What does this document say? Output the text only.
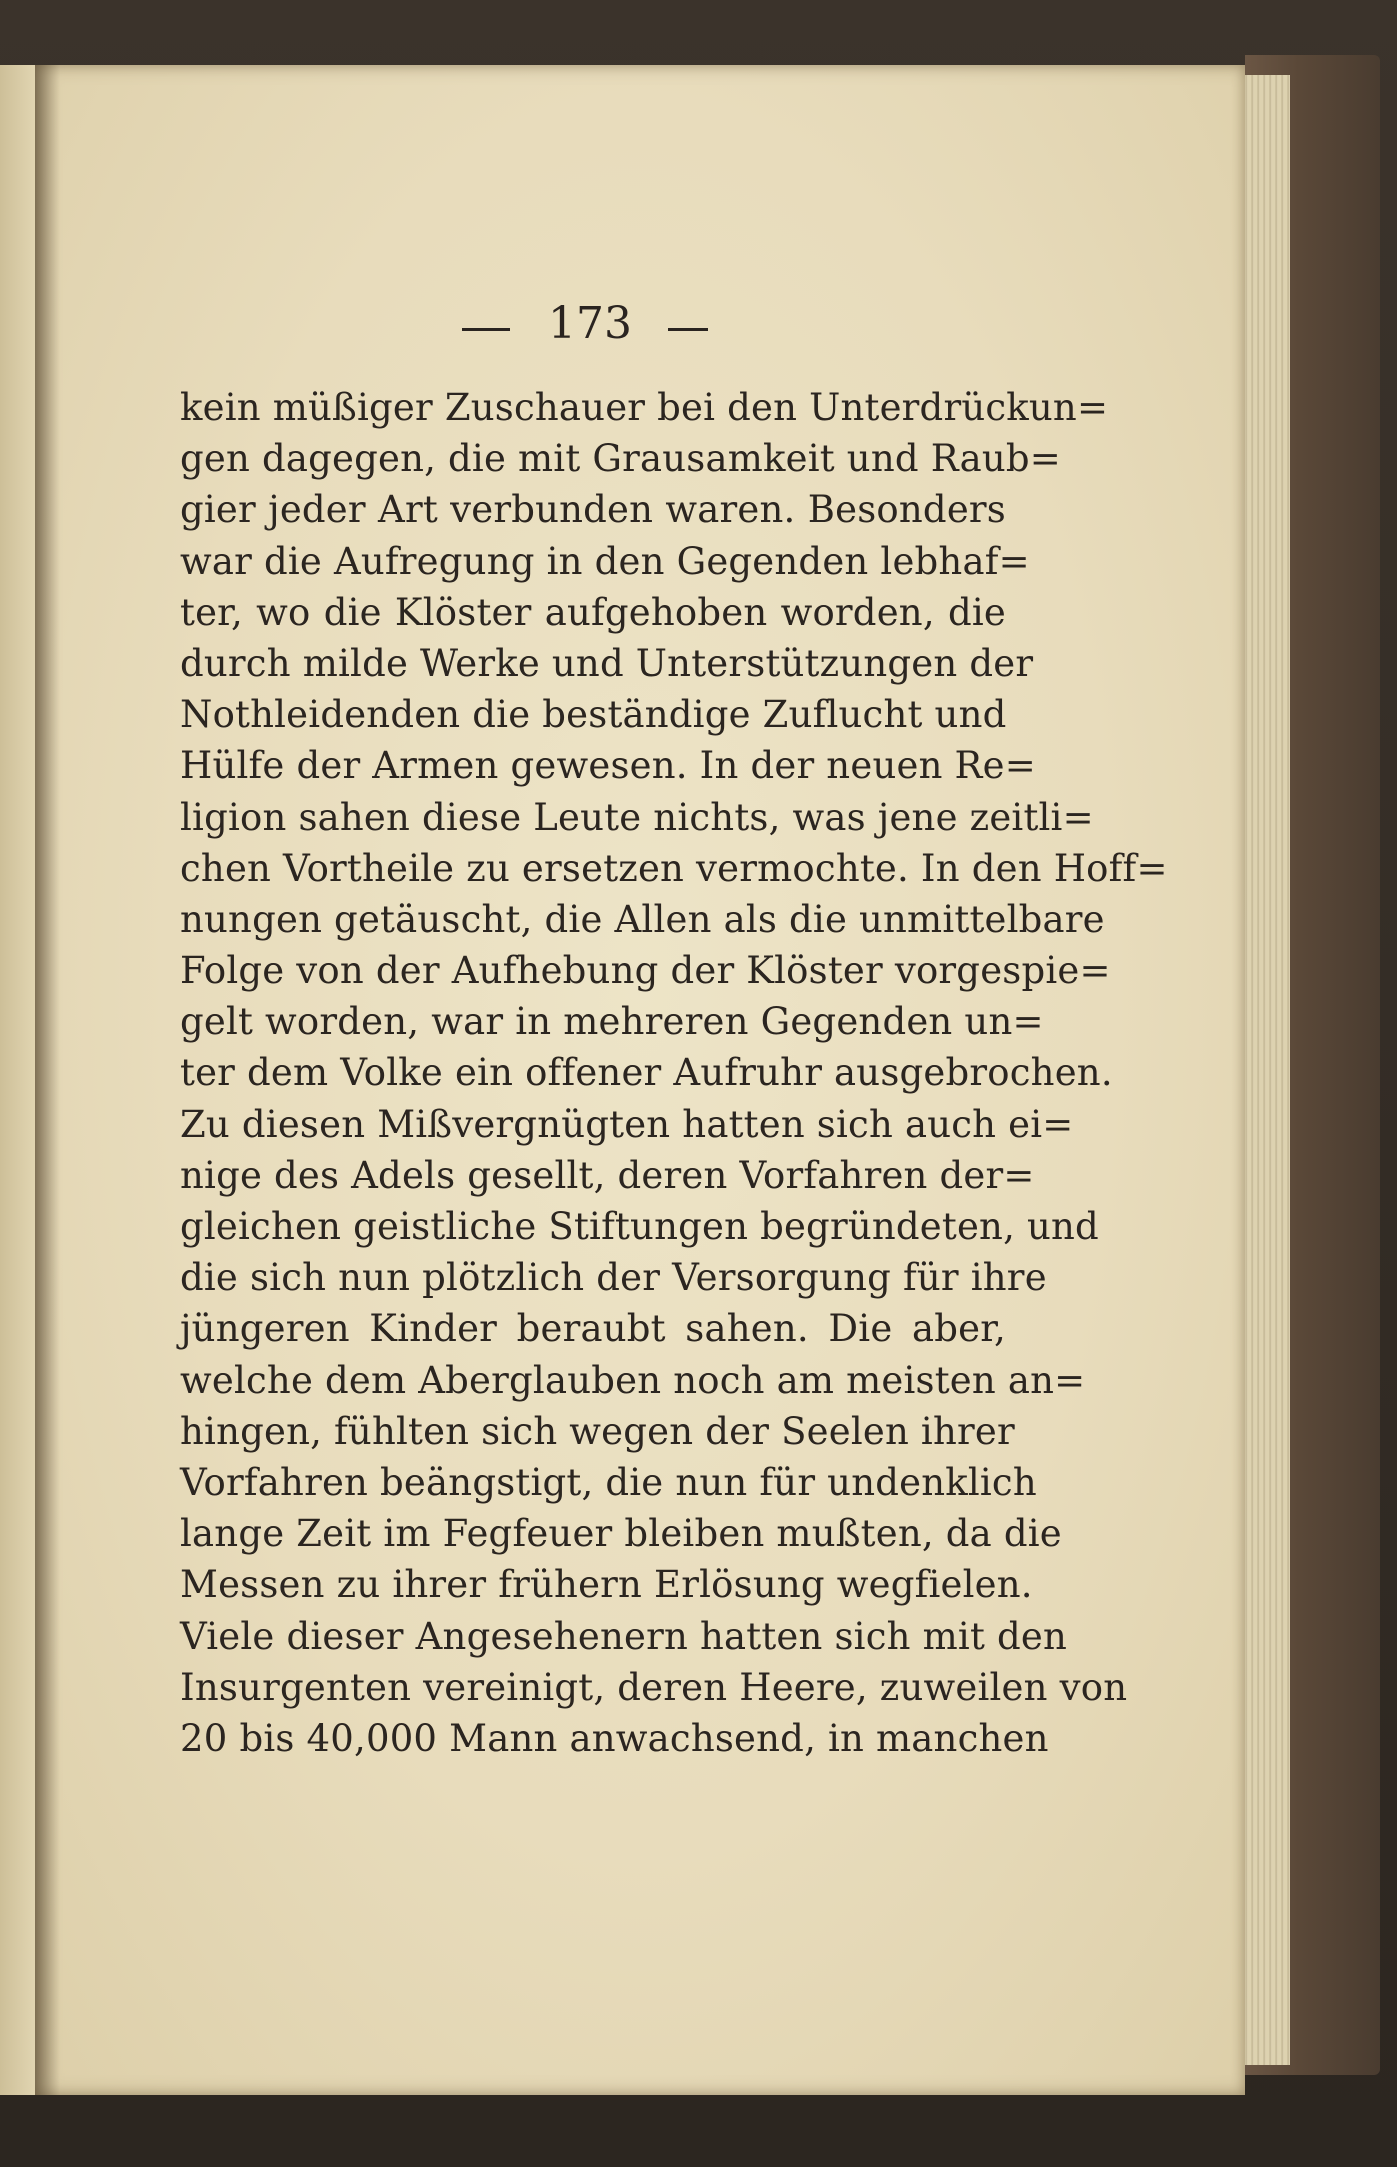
173
kein müßiger Zuschauer bei den Unterdrückun=
gen dagegen, die mit Grausamkeit und Raub=
gier jeder Art verbunden waren. Besonders
war die Aufregung in den Gegenden lebhaf=
ter, wo die Klöster aufgehoben worden, die
durch milde Werke und Unterstützungen der
Nothleidenden die beständige Zuflucht und
Hülfe der Armen gewesen. In der neuen Re=
ligion sahen diese Leute nichts, was jene zeitli=
chen Vortheile zu ersetzen vermochte. In den Hoff=
nungen getäuscht, die Allen als die unmittelbare
Folge von der Aufhebung der Klöster vorgespie=
gelt worden, war in mehreren Gegenden un=
ter dem Volke ein offener Aufruhr ausgebrochen.
Zu diesen Mißvergnügten hatten sich auch ei=
nige des Adels gesellt, deren Vorfahren der=
gleichen geistliche Stiftungen begründeten, und
die sich nun plötzlich der Versorgung für ihre
jüngeren Kinder beraubt sahen. Die aber,
welche dem Aberglauben noch am meisten an=
hingen, fühlten sich wegen der Seelen ihrer
Vorfahren beängstigt, die nun für undenklich
lange Zeit im Fegfeuer bleiben mußten, da die
Messen zu ihrer frühern Erlösung wegfielen.
Viele dieser Angesehenern hatten sich mit den
Insurgenten vereinigt, deren Heere, zuweilen von
20 bis 40,000 Mann anwachsend, in manchen
